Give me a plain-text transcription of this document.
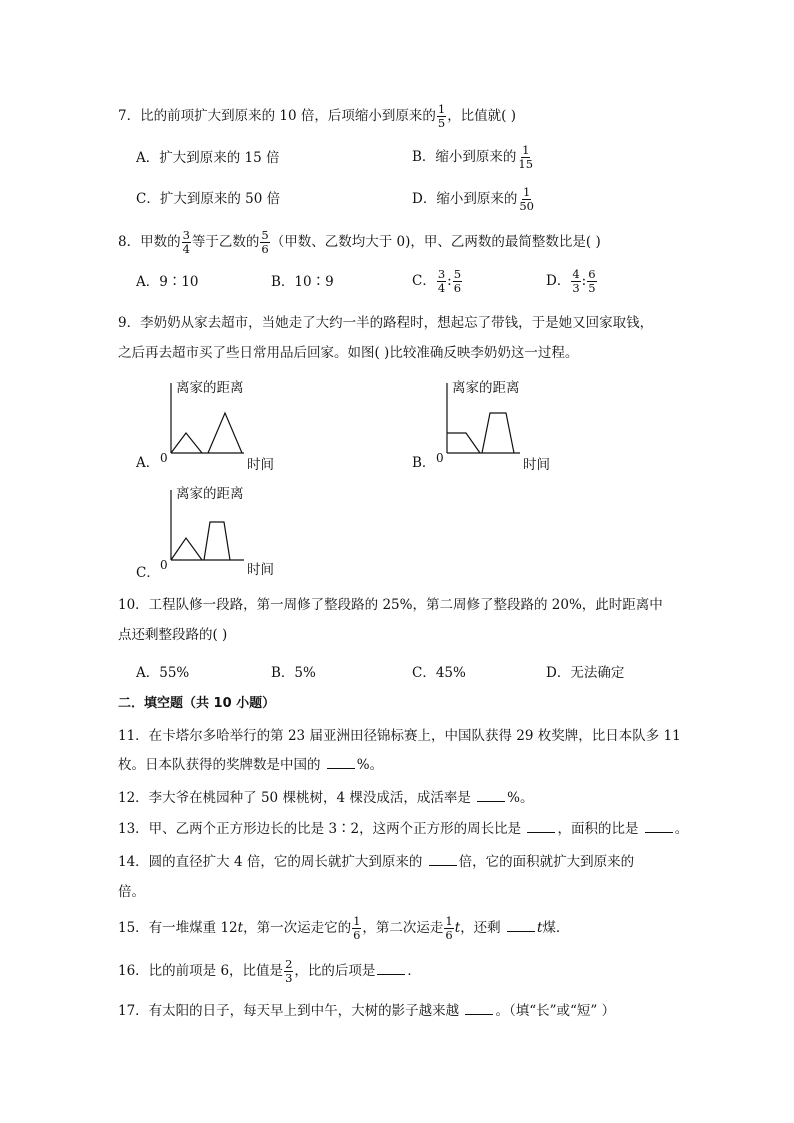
7．比的前项扩大到原来的 10 倍，后项缩小到原来的 $\frac{1}{5}$ ，比值就( )
A．扩大到原来的 15 倍	B．缩小到原来的 $\frac{1}{15}$
C．扩大到原来的 50 倍	D．缩小到原来的 $\frac{1}{50}$
8．甲数的 $\frac{3}{4}$ 等于乙数的 $\frac{5}{6}$ （甲数、乙数均大于 0)，甲、乙两数的最简整数比是( )
A．9∶10	B．10∶9	C． $\frac{3}{4}$ : $\frac{5}{6}$	D． $\frac{4}{3}$ : $\frac{6}{5}$
9．李奶奶从家去超市，当她走了大约一半的路程时，想起忘了带钱，于是她又回家取钱，
之后再去超市买了些日常用品后回家。如图( )比较准确反映李奶奶这一过程。
A．
离家的距离
0	时间	B．
离家的距离
0	时间
C．
离家的距离
0	时间
10．工程队修一段路，第一周修了整段路的 25%，第二周修了整段路的 20%，此时距离中
点还剩整段路的( )
A．55%	B．5%	C．45%	D．无法确定
二．填空题（共 10 小题）
11．在卡塔尔多哈举行的第 23 届亚洲田径锦标赛上，中国队获得 29 枚奖牌，比日本队多 11
枚。日本队获得的奖牌数是中国的 %。
12．李大爷在桃园种了 50 棵桃树，4 棵没成活，成活率是 %。
13．甲、乙两个正方形边长的比是 3∶2，这两个正方形的周长比是 ，面积的比是 。
14．圆的直径扩大 4 倍，它的周长就扩大到原来的 倍，它的面积就扩大到原来的
倍。
15．有一堆煤重 12t，第一次运走它的 $\frac{1}{6}$ ，第二次运走 $\frac{1}{6}$ t，还剩 t煤．
16．比的前项是 6，比值是 $\frac{2}{3}$ ，比的后项是 ．
17．有太阳的日子，每天早上到中午，大树的影子越来越 。（填“长”或“短” ）
